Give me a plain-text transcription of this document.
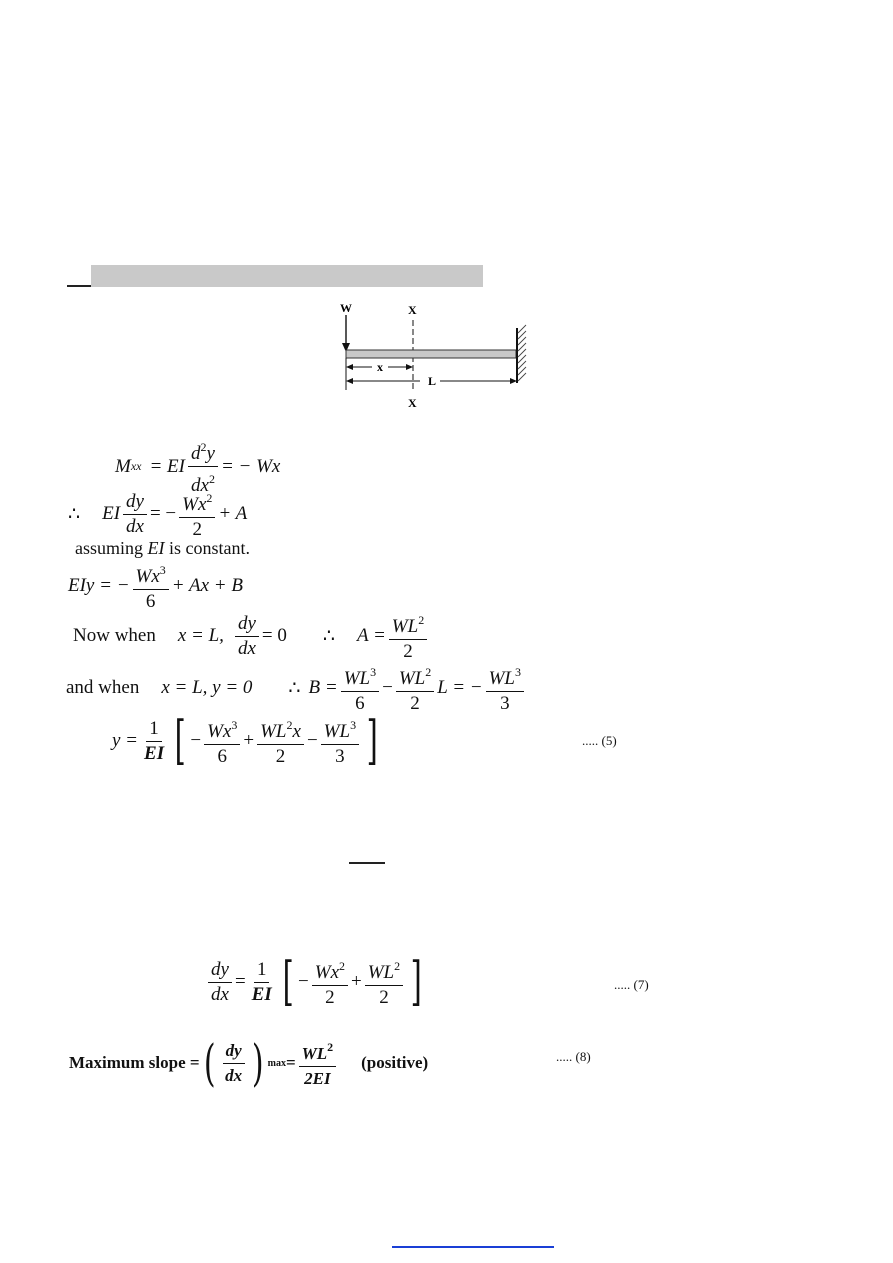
W	X
x
L
X
M xx = EI $\frac{d^2y}{dx^2}$ = − Wx
∴ EI $\frac{dy}{dx}$ = − $\frac{Wx^2}{2} + A$
assuming
EI
is constant.
EIy = − $\frac{Wx^3}{6} + Ax + B$
Now when x = L, $\frac{dy}{dx} = 0$ ∴ $A = \frac{WL^2}{2}$
and when x = L, y = 0 ∴ $B = \frac{WL^3}{6} - \frac{WL^2}{2}$ L = − $\frac{WL^3}{3}$
$y = \frac{1}{EI}$ [ − $\frac{Wx^3}{6} + \frac{WL^2x}{2} - \frac{WL^3}{3}$ ]	..... (5)
$\frac{dy}{dx} = \frac{1}{EI}$ [ − $\frac{Wx^2}{2} + \frac{WL^2}{2}$ ]	..... (7)
Maximum slope = ( $\frac{dy}{dx}$ ) $\max = \frac{WL^2}{2EI}$ (positive)	..... (8)
